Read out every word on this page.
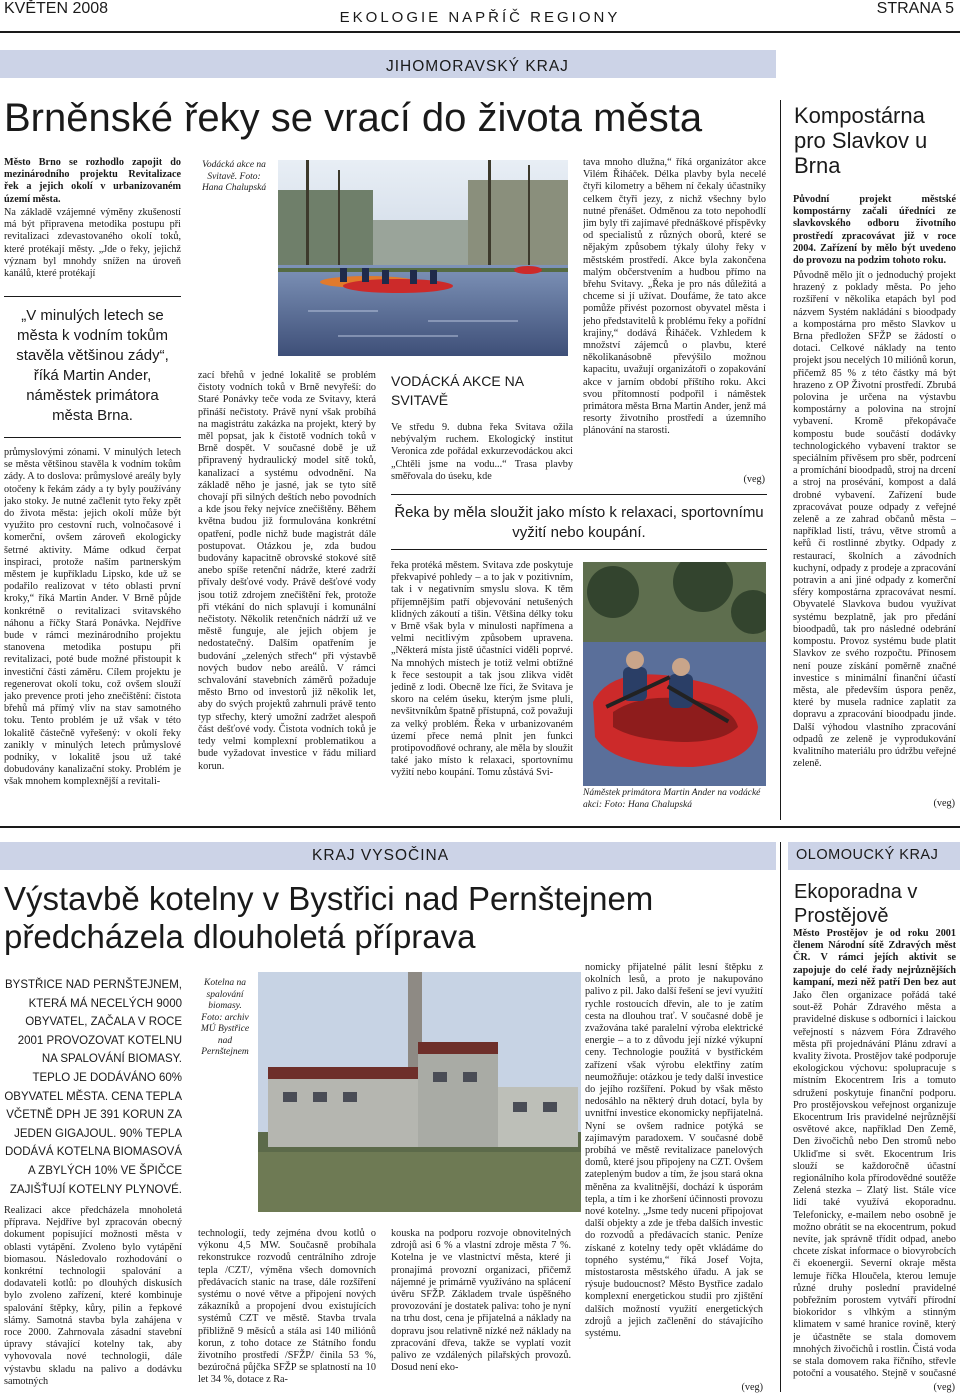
KVĚTEN 2008
EKOLOGIE NAPŘÍČ REGIONY
STRANA 5
JIHOMORAVSKÝ KRAJ
Brněnské řeky se vrací do života města
Město Brno se rozhodlo zapojit do mezinárodního projektu Revitalizace řek a jejich okolí v urbanizovaném území města.
Na základě vzájemné výměny zkušeností má být připravena metodika postupu při revitalizaci zdevastovaného okolí toků, které protékají městy. „Jde o řeky, jejichž význam byl mnohdy snížen na úroveň kanálů, které protékají
„V minulých letech se města k vodním tokům stavěla většinou zády“, říká Martin Ander, náměstek primátora města Brna.
průmyslovými zónami. V minulých letech se města většinou stavěla k vodním tokům zády. A to doslova: průmyslové areály byly otočeny k řekám zády a ty byly používány jako stoky. Je nutné začlenit tyto řeky zpět do života města: jejich okolí může být využito pro cestovní ruch, volnočasové i komerční, ovšem zároveň ekologicky šetrné aktivity. Máme odkud čerpat inspiraci, protože naším partnerským městem je kupříkladu Lipsko, kde už se podařilo realizovat v této oblasti první kroky,“ říká Martin Ander. V Brně půjde konkrétně o revitalizaci svitavského náhonu a říčky Stará Ponávka. Nejdříve bude v rámci mezinárodního projektu stanovena metodika postupu při revitalizaci, poté bude možné přistoupit k investiční části záměru. Cílem projektu je regenerovat okolí toku, což ovšem slouží jako prevence proti jeho znečištění: čistota břehů má přímý vliv na stav samotného toku. Tento problém je už však v této lokalitě částečně vyřešený: v okolí řeky zanikly v minulých letech průmyslové podniky, v lokalitě jsou už také dobudovány kanalizační stoky. Problém je však mnohem komplexnější a revitali-
Vodácká akce na Svitavě. Foto: Hana Chalupská
zací břehů v jedné lokalitě se problém čistoty vodních toků v Brně nevyřeší: do Staré Ponávky teče voda ze Svitavy, která přináší nečistoty. Právě nyní však probíhá na magistrátu zakázka na projekt, který by měl popsat, jak k čistotě vodních toků v Brně dospět. V současné době je už připravený hydraulický model sítě toků, kanalizací a systému odvodnění. Na základě něho je jasné, jak se tyto sítě chovají při silných deštích nebo povodních a kde jsou řeky nejvíce znečištěny. Během května budou již formulována konkrétní opatření, podle nichž bude magistrát dále postupovat. Otázkou je, zda budou budovány kapacitně obrovské stokové sítě anebo spíše retenční nádrže, které zadrží přívaly dešťové vody. Právě dešťové vody jsou totiž zdrojem znečištění řek, protože při vtékání do nich splavují i komunální nečistoty. Několik retenčních nádrží už ve městě funguje, ale jejich objem je nedostatečný. Dalším opatřením je budování „zelených střech“ při výstavbě nových budov nebo areálů. V rámci schvalování stavebních záměrů požaduje město Brno od investorů již několik let, aby do svých projektů zahrnuli právě tento typ střechy, který umožní zadržet alespoň část dešťové vody. Čistota vodních toků je tedy velmi komplexní problematikou a bude vyžadovat investice v řádu miliard korun.
VODÁCKÁ AKCE NA SVITAVĚ
Ve středu 9. dubna řeka Svitava ožila nebývalým ruchem. Ekologický institut Veronica zde pořádal exkurzevodáckou akci „Chtěli jsme na vodu...“ Trasa plavby směřovala do úseku, kde
tava mnoho dlužna,“ říká organizátor akce Vilém Řiháček. Délka plavby byla necelé čtyři kilometry a během ní čekaly účastníky celkem čtyři jezy, z nichž všechny bylo nutné přenášet. Odměnou za toto nepohodlí jim byly tři zajímavé přednáškové příspěvky od specialistů z různých oborů, které se nějakým způsobem týkaly úlohy řeky v městském prostředí. Akce byla zakončena malým občerstvením a hudbou přímo na břehu Svitavy. „Řeka je pro nás důležitá a chceme si jí užívat. Doufáme, že tato akce pomůže přivést pozornost obyvatel města i jeho představitelů k problému řeky a pořídní krajiny,“ dodává Řiháček. Vzhledem k množství zájemců o plavbu, které několikanásobně převýšilo možnou kapacitu, uvažují organizátoři o zopakování akce v jarním období příštího roku. Akci svou přítomností podpořil i náměstek primátora města Brna Martin Ander, jenž má resorty životního prostředí a územního plánování na starosti.
(veg)
Řeka by měla sloužit jako místo k relaxaci, sportovnímu vyžití nebo koupání.
řeka protéká městem. Svitava zde poskytuje překvapivé pohledy – a to jak v pozitivním, tak i v negativním smyslu slova. K těm příjemnějším patří objevování netušených klidných zákoutí a tišin. Většina délky toku v Brně však byla v minulosti napřímena a velmi necitlivým způsobem upravena. „Některá místa jistě účastníci viděli poprvé. Na mnohých místech je totiž velmi obtížné k řece sestoupit a tak jsou zlikva vidět jedině z lodi. Obecně lze říci, že Svitava je skoro na celém úseku, kterým jsme pluli, nevšitvníkům špatně přístupná, což považuji za velký problém. Řeka v urbanizovaném území přece nemá plnit jen funkci protipovodňové ochrany, ale měla by sloužit také jako místo k relaxaci, sportovnímu vyžití nebo koupání. Tomu zůstává Svi-
Náměstek primátora Martin Ander na vodácké akci: Foto: Hana Chalupská
Kompostárna pro Slavkov u Brna
Původní projekt městské kompostárny začali úředníci ze slavkovského odboru životního prostředí zpracovávat již v roce 2004. Zařízení by mělo být uvedeno do provozu na podzim tohoto roku.
Původně mělo jít o jednoduchý projekt hrazený z poklady města. Po jeho rozšíření v několika etapách byl pod názvem Systém nakládání s bioodpady a kompostárna pro město Slavkov u Brna předložen SFŽP se žádostí o dotaci. Celkové náklady na tento projekt jsou necelých 10 miliónů korun, přičemž 85 % z této částky má být hrazeno z OP Životní prostředí. Zbrubá polovina je určena na výstavbu kompostárny a polovina na strojní vybavení. Kromě překopávače kompostu bude součástí dodávky technologického vybavení traktor se speciálním přívěsem pro sběr, podrcení a promíchání bioodpadů, stroj na drcení a stroj na prosévání, kompost a dalá drobné vybavení. Zařízení bude zpracovávat pouze odpady z veřejné zeleně a ze zahrad občanů města – například listí, trávu, větve stromů a keřů či rostlinné zbytky. Odpady z restaurací, školních a závodních kuchyní, odpady z prodeje a zpracování potravin a ani jiné odpady z komerční sféry kompostárna zpracovávat nesmí. Obyvatelé Slavkova budou využívat systému bezplatně, jak pro předání bioodpadů, tak pro následné odebrání kompostu. Provoz systému bude platit Slavkov ze svého rozpočtu. Přínosem není pouze získání poměrně značné investice s minimální finanční účastí města, ale především úspora peněz, které by musela radnice zaplatit za dopravu a zpracování bioodpadu jinde. Další výhodou vlastního zpracování odpadů ze zeleně je vyprodukování kvalitního materiálu pro údržbu veřejné zeleně.
(veg)
KRAJ VYSOČINA
Výstavbě kotelny v Bystřici nad Pernštejnem předcházela dlouholetá příprava
BYSTŘICE NAD PERNŠTEJNEM, KTERÁ MÁ NECELÝCH 9000 OBYVATEL, ZAČALA V ROCE 2001 PROVOZOVAT KOTELNU NA SPALOVÁNÍ BIOMASY. TEPLO JE DODÁVÁNO 60% OBYVATEL MĚSTA. CENA TEPLA VČETNĚ DPH JE 391 KORUN ZA JEDEN GIGAJOUL. 90% TEPLA DODÁVÁ KOTELNA BIOMASOVÁ A ZBYLÝCH 10% VE ŠPIČCE ZAJIŠŤUJÍ KOTELNY PLYNOVÉ.
Realizaci akce předcházela mnoholetá příprava. Nejdříve byl zpracován obecný dokument popisující možnosti města v oblasti vytápění. Zvoleno bylo vytápění biomasou. Následovalo rozhodování o konkrétní technologii spalování a dodavateli kotlů: po dlouhých diskusích bylo zvoleno zařízení, které kombinuje spalování štěpky, kůry, pilin a řepkové slámy. Samotná stavba byla zahájena v roce 2000. Zahrnovala zásadní stavební úpravy stávající kotelny tak, aby vyhovovala nové technologii, dále výstavbu skladu na palivo a dodávku samotných
Kotelna na spalování biomasy. Foto: archiv MÚ Bystřice nad Pernštejnem
technologií, tedy zejména dvou kotlů o výkonu 4,5 MW. Současně probíhala rekonstrukce rozvodů centrálního zdroje tepla /CZT/, výměna všech domovních předávacích stanic na trase, dále rozšíření systému o nové větve a připojení nových zákazníků a propojení dvou existujících systémů CZT ve městě. Stavba trvala přibližně 9 měsíců a stála asi 140 miliónů korun, z toho dotace ze Státního fondu životního prostředí /SFŽP/ činila 53 %, bezúročná půjčka SFŽP se splatností na 10 let 34 %, dotace z Ra-
kouska na podporu rozvoje obnovitelných zdrojů asi 6 % a vlastní zdroje města 7 %. Kotelna je ve vlastnictví města, které ji pronajímá provozní organizaci, přičemž nájemné je primárně využíváno na splácení úvěru SFŽP. Základem trvale úspěšného provozování je dostatek paliva: toho je nyní na trhu dost, cena je přijatelná a náklady na dopravu jsou relativně nízké než náklady na zpracování dřeva, takže se vyplatí vozit palivo ze vzdálených pilařských provozů. Dosud není eko-
nomicky přijatelné pálit lesní štěpku z okolních lesů, a proto je nakupováno palivo z pil. Jako další řešení se jeví využití rychle rostoucích dřevin, ale to je zatím cesta na dlouhou trať. V současné době je zvažována také paralelní výroba elektrické energie – a to z důvodu její nízké výkupní ceny. Technologie použitá v bystřickém zařízení však výrobu elektřiny zatím neumožňuje: otázkou je tedy další investice do jejího rozšíření. Pokud by však město nedosáhlo na některý druh dotací, byla by uvnitřní investice ekonomicky nepřijatelná. Nyní se ovšem radnice potýká se zajímavým paradoxem. V současné době probíhá ve městě revitalizace panelových domů, které jsou připojeny na CZT. Ovšem zatepleným budov a tím, že jsou stará okna měněna za kvalitnější, dochází k úsporám tepla, a tím i ke zhoršení účinnosti provozu nové kotelny. „Jsme tedy nuceni připojovat další objekty a zde je třeba dalších investic do rozvodů a předávacích stanic. Peníze získané z kotelny tedy opět vkládáme do topného systému,“ říká Josef Vojta, místostarosta městského úřadu. A jak se rýsuje budoucnost? Město Bystřice zadalo komplexní energetickou studii pro zjištění dalších možností využití energetických zdrojů a jejich začlenění do stávajícího systému.
(veg)
OLOMOUCKÝ KRAJ
Ekoporadna v Prostějově
Město Prostějov je od roku 2001 členem Národní sítě Zdravých měst ČR. V rámci jejích aktivit se zapojuje do celé řady nejrůznějších kampaní, mezi něž patří Den bez aut
Jako člen organizace pořádá také sout‑ěž Pohár Zdravého města a pravidelné diskuse s odborníci i laickou veřejností s názvem Fóra Zdravého města při projednávání Plánu zdraví a kvality života. Prostějov také podporuje ekologickou výchovu: spolupracuje s místním Ekocentrem Iris a tomuto sdružení poskytuje finanční podporu. Pro prostějovskou veřejnost organizuje Ekocentrum Iris pravidelné nejrůznější osvětové akce, například Den Země, Den živočichů nebo Den stromů nebo Ukliďme si svět. Ekocentrum Iris slouží se každoročně účastní regionálního kola přírodovědné soutěže Zelená stezka – Zlatý list. Stále více lidí také využívá ekoporadnu. Telefonicky, e-mailem nebo osobně je možno obrátit se na ekocentrum, pokud nevíte, jak správně třídit odpad, anebo chcete získat informace o biovyrobcích či ekoenergii. Severní okraje města lemuje říčka Hloučela, kterou lemuje různé druhy poslední pravidelné pobřežním porostem vytváří přírodní biokoridor s vlhkým a stinným klimatem v samé hranice rovině, který je účastněte se stala domovem mnohých živočichů i rostlin. Čistá voda se stala domovem raka říčního, střevle potoční a vousatého. Stejně v současné
(veg)
